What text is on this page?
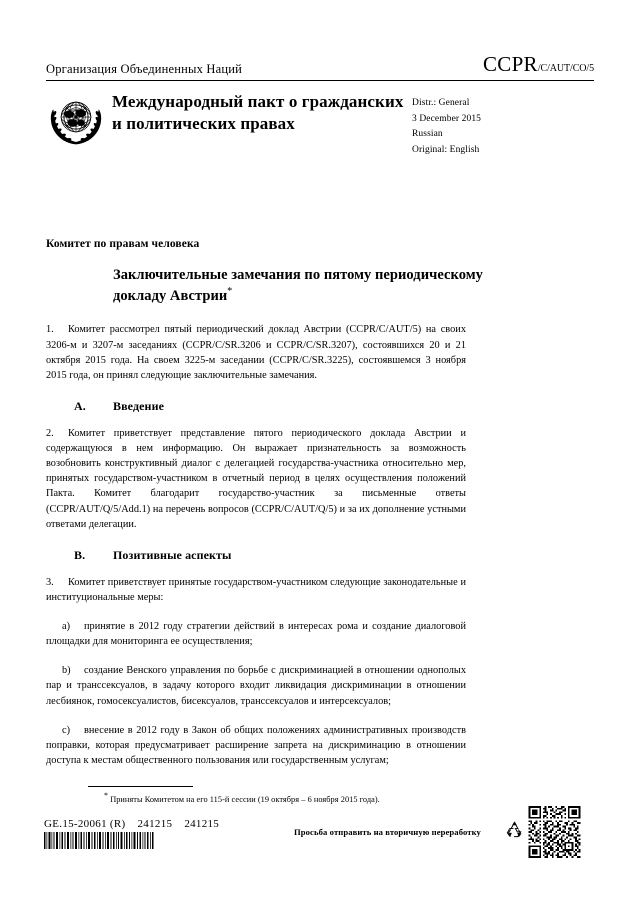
Организация Объединенных Наций	CCPR /C/AUT/CO/5
Международный пакт о гражданских и политических правах
Distr.: General
3 December 2015
Russian
Original: English
Комитет по правам человека
Заключительные замечания по пятому периодическому докладу Австрии*

1. Комитет рассмотрел пятый периодический доклад Австрии (CCPR/C/AUT/5) на своих 3206-м и 3207-м заседаниях (CCPR/C/SR.3206 и CCPR/C/SR.3207), состоявшихся 20 и 21 октября 2015 года. На своем 3225-м заседании (CCPR/C/SR.3225), состоявшемся 3 ноября 2015 года, он принял следующие заключительные замечания.

A.	Введение

2. Комитет приветствует представление пятого периодического доклада Австрии и содержащуюся в нем информацию. Он выражает признательность за возможность возобновить конструктивный диалог с делегацией государства-участника относительно мер, принятых государством-участником в отчетный период в целях осуществления положений Пакта. Комитет благодарит государство-участник за письменные ответы (CCPR/AUT/Q/5/Add.1) на перечень вопросов (CCPR/C/AUT/Q/5) и за их дополнение устными ответами делегации.

B.	Позитивные аспекты

3. Комитет приветствует принятые государством-участником следующие законодательные и институциональные меры:

a) принятие в 2012 году стратегии действий в интересах рома и создание диалоговой площадки для мониторинга ее осуществления;

b) создание Венского управления по борьбе с дискриминацией в отношении однополых пар и транссексуалов, в задачу которого входит ликвидация дискриминации в отношении лесбиянок, гомосексуалистов, бисексуалов, транссексуалов и интерсексуалов;

c) внесение в 2012 году в Закон об общих положениях административных производств поправки, которая предусматривает расширение запрета на дискриминацию в отношении доступа к местам общественного пользования или государственным услугам;

* Приняты Комитетом на его 115-й сессии (19 октября – 6 ноября 2015 года).
GE.15-20061 (R) 241215 241215
Просьба отправить на вторичную переработку
